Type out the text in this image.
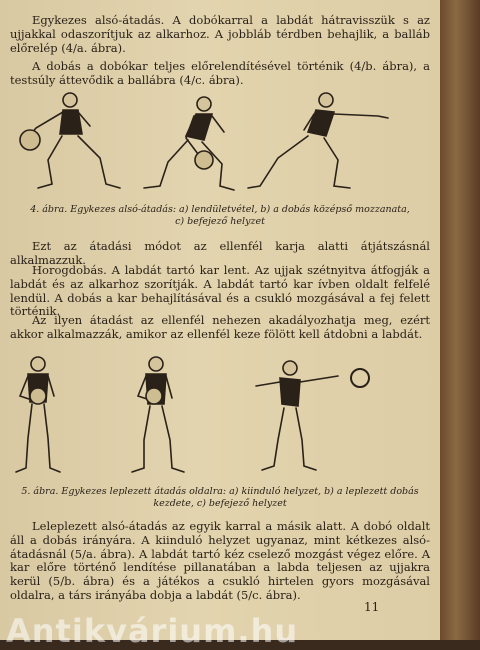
Egykezes alsó-átadás. A dobókarral a labdát hátravisszük s az ujjakkal odaszorítjuk az alkarhoz. A jobbláb térdben behajlik, a balláb előrelép (4/a. ábra).

A dobás a dobókar teljes előrelendítésével történik (4/b. ábra), a testsúly áttevődik a ballábra (4/c. ábra).

4. ábra. Egykezes alsó-átadás: a) lendületvétel, b) a dobás középső mozzanata,

c) befejező helyzet

Ezt az átadási módot az ellenfél karja alatti átjátszásnál alkalmazzuk.

Horogdobás. A labdát tartó kar lent. Az ujjak szétnyitva átfogják a labdát és az alkarhoz szorítják. A labdát tartó kar ívben oldalt felfelé lendül. A dobás a kar behajlításával és a csukló mozgásával a fej felett történik.

Az ilyen átadást az ellenfél nehezen akadályozhatja meg, ezért akkor alkalmazzák, amikor az ellenfél keze fölött kell átdobni a labdát.

5. ábra. Egykezes leplezett átadás oldalra: a) kiinduló helyzet, b) a leplezett dobás

kezdete, c) befejező helyzet

Leleplezett alsó-átadás az egyik karral a másik alatt. A dobó oldalt áll a dobás irányára. A kiinduló helyzet ugyanaz, mint kétkezes alsó-átadásnál (5/a. ábra). A labdát tartó kéz cselező mozgást végez előre. A kar előre történő lendítése pillanatában a labda teljesen az ujjakra kerül (5/b. ábra) és a játékos a csukló hirtelen gyors mozgásával oldalra, a társ irányába dobja a labdát (5/c. ábra).

11
Antikvárium.hu
